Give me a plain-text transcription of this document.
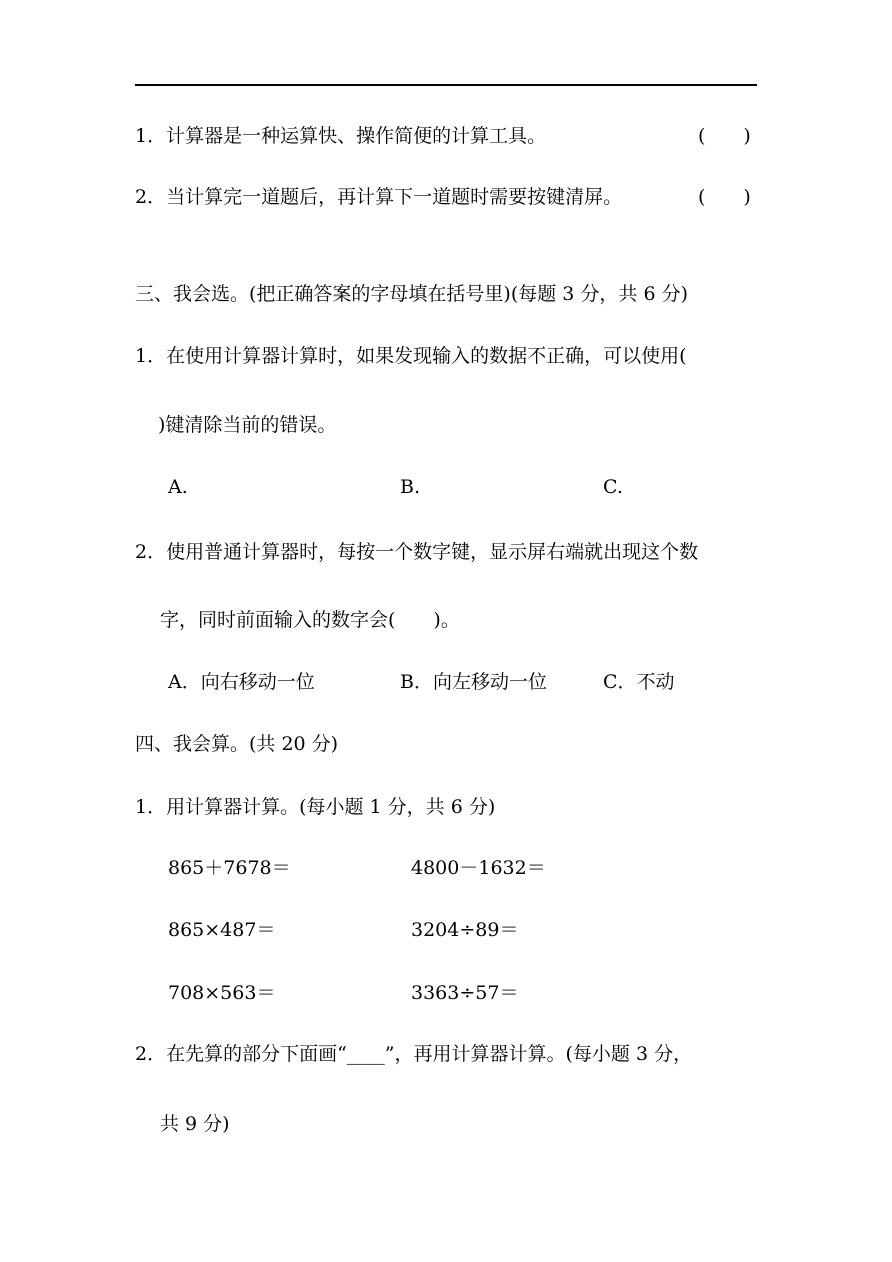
1．计算器是一种运算快、操作简便的计算工具。	(　　)
2．当计算完一道题后，再计算下一道题时需要按键清屏。	(　　)
三、我会选。(把正确答案的字母填在括号里)(每题 3 分，共 6 分)
1．在使用计算器计算时，如果发现输入的数据不正确，可以使用(
)键清除当前的错误。
A.	B.	C.
2．使用普通计算器时，每按一个数字键，显示屏右端就出现这个数
字，同时前面输入的数字会(　　)。
A．向右移动一位	B．向左移动一位	C．不动
四、我会算。(共 20 分)
1．用计算器计算。(每小题 1 分，共 6 分)
865＋7678＝	4800－1632＝
865×487＝	3204÷89＝
708×563＝	3363÷57＝
2．在先算的部分下面画“____”，再用计算器计算。(每小题 3 分，
共 9 分)
